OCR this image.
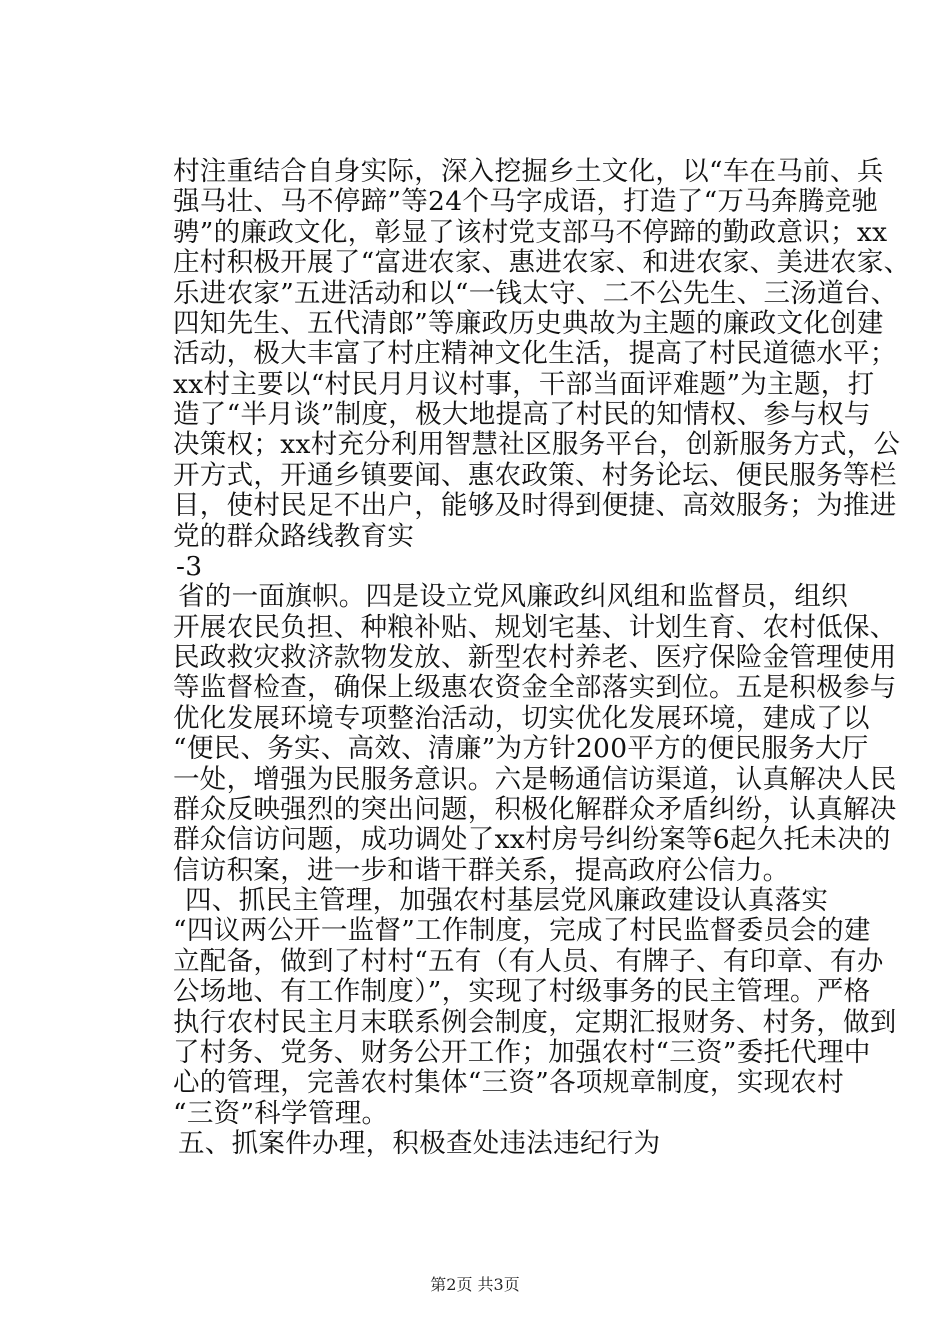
村注重结合自身实际，深入挖掘乡土文化，以“车在马前、兵
强马壮、马不停蹄”等24个马字成语，打造了“万马奔腾竞驰
骋”的廉政文化，彰显了该村党支部马不停蹄的勤政意识；xx
庄村积极开展了“富进农家、惠进农家、和进农家、美进农家、
乐进农家”五进活动和以“一钱太守、二不公先生、三汤道台、
四知先生、五代清郎”等廉政历史典故为主题的廉政文化创建
活动，极大丰富了村庄精神文化生活，提高了村民道德水平；
xx村主要以“村民月月议村事，干部当面评难题”为主题，打
造了“半月谈”制度，极大地提高了村民的知情权、参与权与
决策权；xx村充分利用智慧社区服务平台，创新服务方式，公
开方式，开通乡镇要闻、惠农政策、村务论坛、便民服务等栏
目，使村民足不出户，能够及时得到便捷、高效服务；为推进
党的群众路线教育实
-3
省的一面旗帜。四是设立党风廉政纠风组和监督员，组织
开展农民负担、种粮补贴、规划宅基、计划生育、农村低保、
民政救灾救济款物发放、新型农村养老、医疗保险金管理使用
等监督检查，确保上级惠农资金全部落实到位。五是积极参与
优化发展环境专项整治活动，切实优化发展环境，建成了以
“便民、务实、高效、清廉”为方针200平方的便民服务大厅
一处，增强为民服务意识。六是畅通信访渠道，认真解决人民
群众反映强烈的突出问题，积极化解群众矛盾纠纷，认真解决
群众信访问题，成功调处了xx村房号纠纷案等6起久托未决的
信访积案，进一步和谐干群关系，提高政府公信力。
四、抓民主管理，加强农村基层党风廉政建设认真落实
“四议两公开一监督”工作制度，完成了村民监督委员会的建
立配备，做到了村村“五有（有人员、有牌子、有印章、有办
公场地、有工作制度）”，实现了村级事务的民主管理。严格
执行农村民主月末联系例会制度，定期汇报财务、村务，做到
了村务、党务、财务公开工作；加强农村“三资”委托代理中
心的管理，完善农村集体“三资”各项规章制度，实现农村
“三资”科学管理。
五、抓案件办理，积极查处违法违纪行为
第2页 共3页
